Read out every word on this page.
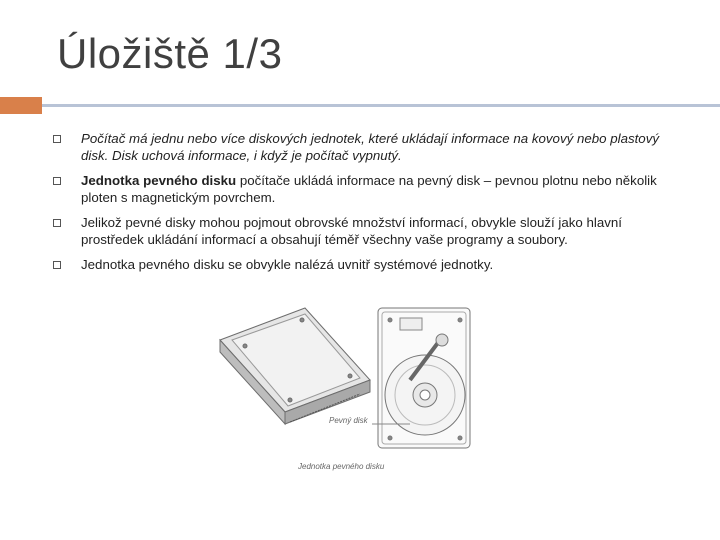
Úložiště 1/3
Počítač má jednu nebo více diskových jednotek, které ukládají informace na kovový nebo plastový disk. Disk uchová informace, i když je počítač vypnutý.
Jednotka pevného disku počítače ukládá informace na pevný disk – pevnou plotnu nebo několik ploten s magnetickým povrchem.
Jelikož pevné disky mohou pojmout obrovské množství informací, obvykle slouží jako hlavní prostředek ukládání informací a obsahují téměř všechny vaše programy a soubory.
Jednotka pevného disku se obvykle nalézá uvnitř systémové jednotky.
Pevný disk
Jednotka pevného disku
